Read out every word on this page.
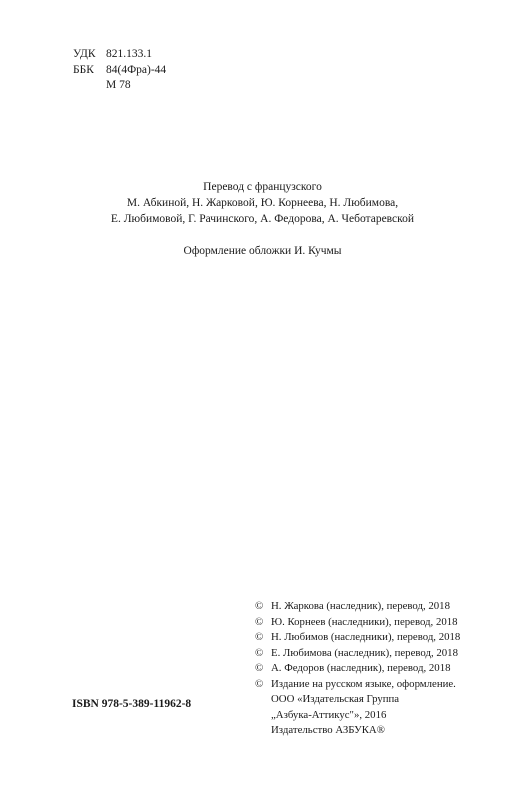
УДК 821.133.1
ББК	84(4Фра)-44
М 78
Перевод с французского
М. Абкиной, Н. Жарковой, Ю. Корнеева, Н. Любимова,
Е. Любимовой, Г. Рачинского, А. Федорова, А. Чеботаревской
Оформление обложки И. Кучмы
ISBN 978-5-389-11962-8
© Н. Жаркова (наследник), перевод, 2018
© Ю. Корнеев (наследники), перевод, 2018
© Н. Любимов (наследники), перевод, 2018
© Е. Любимова (наследник), перевод, 2018
© А. Федоров (наследник), перевод, 2018
© Издание на русском языке, оформление.
ООО «Издательская Группа
„Азбука-Аттикус"», 2016
Издательство АЗБУКА®
